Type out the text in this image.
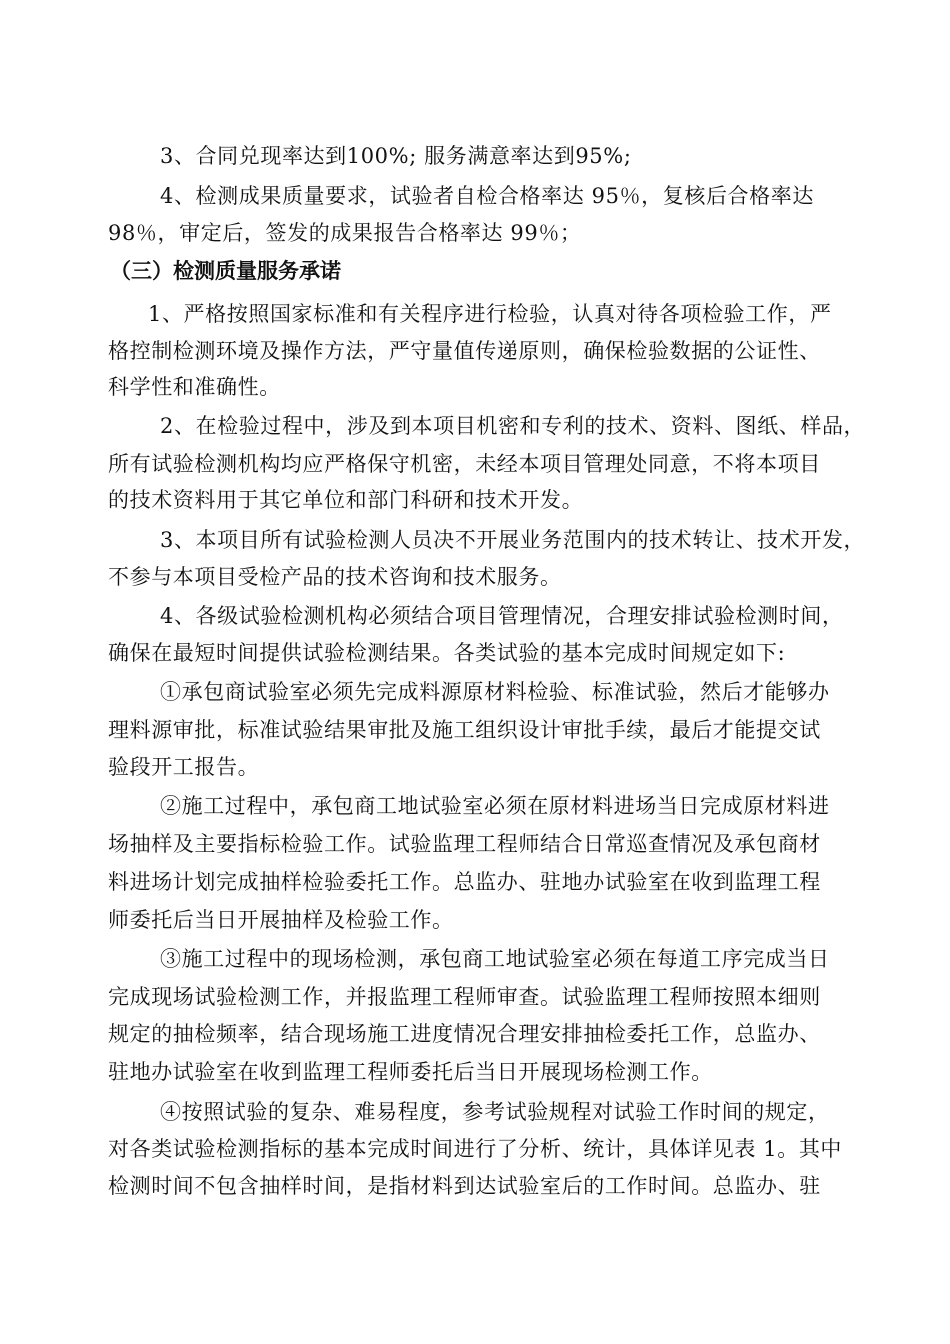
3、合同兑现率达到100%; 服务满意率达到95%;

4、检测成果质量要求，试验者自检合格率达 95％，复核后合格率达

98％，审定后，签发的成果报告合格率达 99％；

（三）检测质量服务承诺

1、严格按照国家标准和有关程序进行检验，认真对待各项检验工作，严

格控制检测环境及操作方法，严守量值传递原则，确保检验数据的公证性、

科学性和准确性。

2、在检验过程中，涉及到本项目机密和专利的技术、资料、图纸、样品，

所有试验检测机构均应严格保守机密，未经本项目管理处同意，不将本项目

的技术资料用于其它单位和部门科研和技术开发。

3、本项目所有试验检测人员决不开展业务范围内的技术转让、技术开发，

不参与本项目受检产品的技术咨询和技术服务。

4、各级试验检测机构必须结合项目管理情况，合理安排试验检测时间，

确保在最短时间提供试验检测结果。各类试验的基本完成时间规定如下:

①承包商试验室必须先完成料源原材料检验、标准试验，然后才能够办

理料源审批，标准试验结果审批及施工组织设计审批手续，最后才能提交试

验段开工报告。

②施工过程中，承包商工地试验室必须在原材料进场当日完成原材料进

场抽样及主要指标检验工作。试验监理工程师结合日常巡查情况及承包商材

料进场计划完成抽样检验委托工作。总监办、驻地办试验室在收到监理工程

师委托后当日开展抽样及检验工作。

③施工过程中的现场检测，承包商工地试验室必须在每道工序完成当日

完成现场试验检测工作，并报监理工程师审查。试验监理工程师按照本细则

规定的抽检频率，结合现场施工进度情况合理安排抽检委托工作，总监办、

驻地办试验室在收到监理工程师委托后当日开展现场检测工作。

④按照试验的复杂、难易程度，参考试验规程对试验工作时间的规定，

对各类试验检测指标的基本完成时间进行了分析、统计，具体详见表 1。其中

检测时间不包含抽样时间，是指材料到达试验室后的工作时间。总监办、驻
